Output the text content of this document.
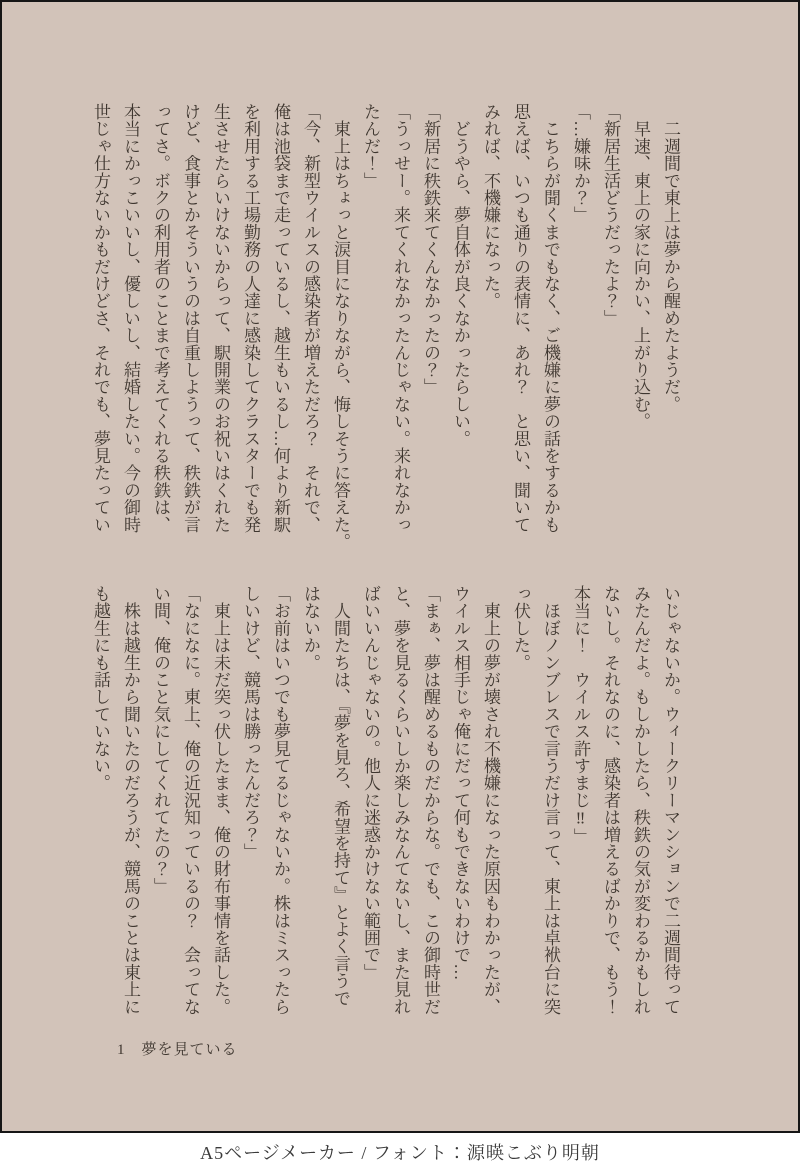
　二週間で東上は夢から醒めたようだ。

　早速、東上の家に向かい、上がり込む。

「新居生活どうだったよ？」

「…嫌味か？」

　こちらが聞くまでもなく、ご機嫌に夢の話をするかも

思えば、いつも通りの表情に、あれ？　と思い、聞いて

みれば、不機嫌になった。

　どうやら、夢自体が良くなかったらしい。

「新居に秩鉄来てくんなかったの？」

「うっせー。来てくれなかったんじゃない。来れなかっ

たんだ！」

　東上はちょっと涙目になりながら、悔しそうに答えた。

「今、新型ウイルスの感染者が増えただろ？　それで、

俺は池袋まで走っているし、越生もいるし…何より新駅

を利用する工場勤務の人達に感染してクラスターでも発

生させたらいけないからって、駅開業のお祝いはくれた

けど、食事とかそういうのは自重しようって、秩鉄が言

ってさ。ボクの利用者のことまで考えてくれる秩鉄は、

本当にかっこいいし、優しいし、結婚したい。今の御時

世じゃ仕方ないかもだけどさ、それでも、夢見たってい

いじゃないか。ウィークリーマンションで二週間待って

みたんだよ。もしかしたら、秩鉄の気が変わるかもしれ

ないし。それなのに、感染者は増えるばかりで、もう！

本当に！　ウイルス許すまじ‼」

　ほぼノンブレスで言うだけ言って、東上は卓袱台に突

っ伏した。

　東上の夢が壊され不機嫌になった原因もわかったが、

ウイルス相手じゃ俺にだって何もできないわけで…

「まぁ、夢は醒めるものだからな。でも、この御時世だ

と、夢を見るくらいしか楽しみなんてないし、また見れ

ばいいんじゃないの。他人に迷惑かけない範囲で」

　人間たちは、『夢を見ろ、希望を持て』とよく言うで

はないか。

「お前はいつでも夢見てるじゃないか。株はミスったら

しいけど、競馬は勝ったんだろ？」

　東上は未だ突っ伏したまま、俺の財布事情を話した。

「なになに。東上、俺の近況知っているの？　会ってな

い間、俺のこと気にしてくれてたの？」

　株は越生から聞いたのだろうが、競馬のことは東上に

も越生にも話していない。

1 夢を見ている
A5ページメーカー / フォント：源暎こぶり明朝
